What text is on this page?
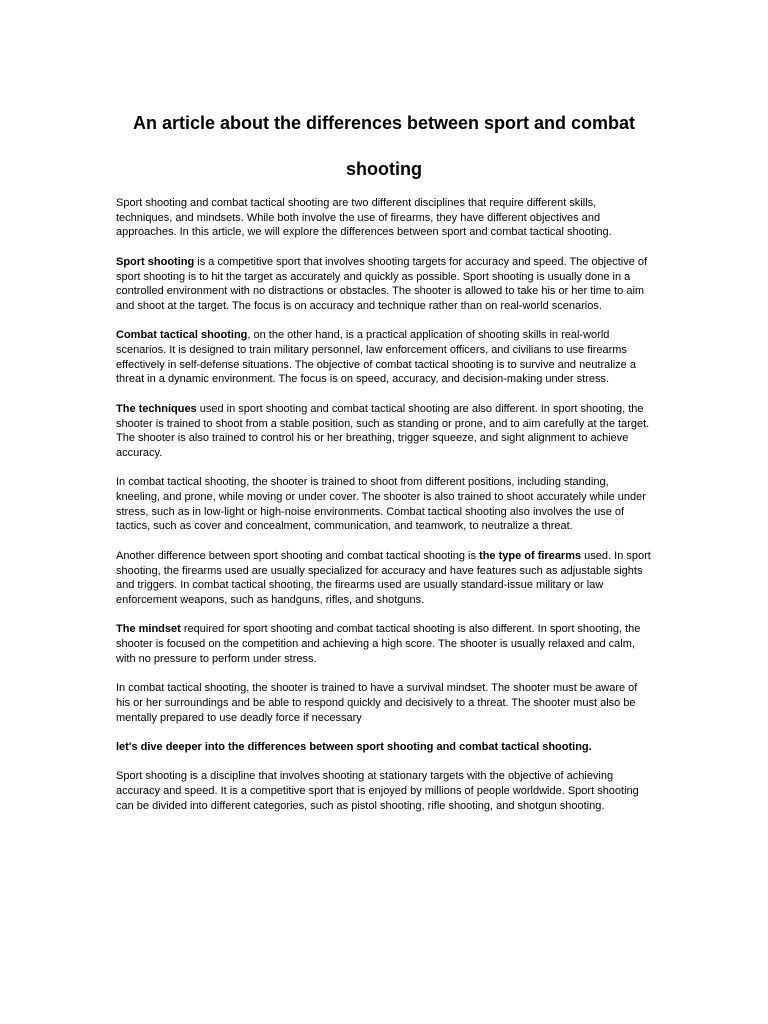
An article about the differences between sport and combat
shooting

Sport shooting and combat tactical shooting are two different disciplines that require different skills, techniques, and mindsets. While both involve the use of firearms, they have different objectives and approaches. In this article, we will explore the differences between sport and combat tactical shooting.

Sport shooting is a competitive sport that involves shooting targets for accuracy and speed. The objective of sport shooting is to hit the target as accurately and quickly as possible. Sport shooting is usually done in a controlled environment with no distractions or obstacles. The shooter is allowed to take his or her time to aim and shoot at the target. The focus is on accuracy and technique rather than on real-world scenarios.

Combat tactical shooting, on the other hand, is a practical application of shooting skills in real-world scenarios. It is designed to train military personnel, law enforcement officers, and civilians to use firearms effectively in self-defense situations. The objective of combat tactical shooting is to survive and neutralize a threat in a dynamic environment. The focus is on speed, accuracy, and decision-making under stress.

The techniques used in sport shooting and combat tactical shooting are also different. In sport shooting, the shooter is trained to shoot from a stable position, such as standing or prone, and to aim carefully at the target. The shooter is also trained to control his or her breathing, trigger squeeze, and sight alignment to achieve accuracy.

In combat tactical shooting, the shooter is trained to shoot from different positions, including standing, kneeling, and prone, while moving or under cover. The shooter is also trained to shoot accurately while under stress, such as in low-light or high-noise environments. Combat tactical shooting also involves the use of tactics, such as cover and concealment, communication, and teamwork, to neutralize a threat.

Another difference between sport shooting and combat tactical shooting is the type of firearms used. In sport shooting, the firearms used are usually specialized for accuracy and have features such as adjustable sights and triggers. In combat tactical shooting, the firearms used are usually standard-issue military or law enforcement weapons, such as handguns, rifles, and shotguns.

The mindset required for sport shooting and combat tactical shooting is also different. In sport shooting, the shooter is focused on the competition and achieving a high score. The shooter is usually relaxed and calm, with no pressure to perform under stress.

In combat tactical shooting, the shooter is trained to have a survival mindset. The shooter must be aware of his or her surroundings and be able to respond quickly and decisively to a threat. The shooter must also be mentally prepared to use deadly force if necessary

let's dive deeper into the differences between sport shooting and combat tactical shooting.

Sport shooting is a discipline that involves shooting at stationary targets with the objective of achieving accuracy and speed. It is a competitive sport that is enjoyed by millions of people worldwide. Sport shooting can be divided into different categories, such as pistol shooting, rifle shooting, and shotgun shooting.
